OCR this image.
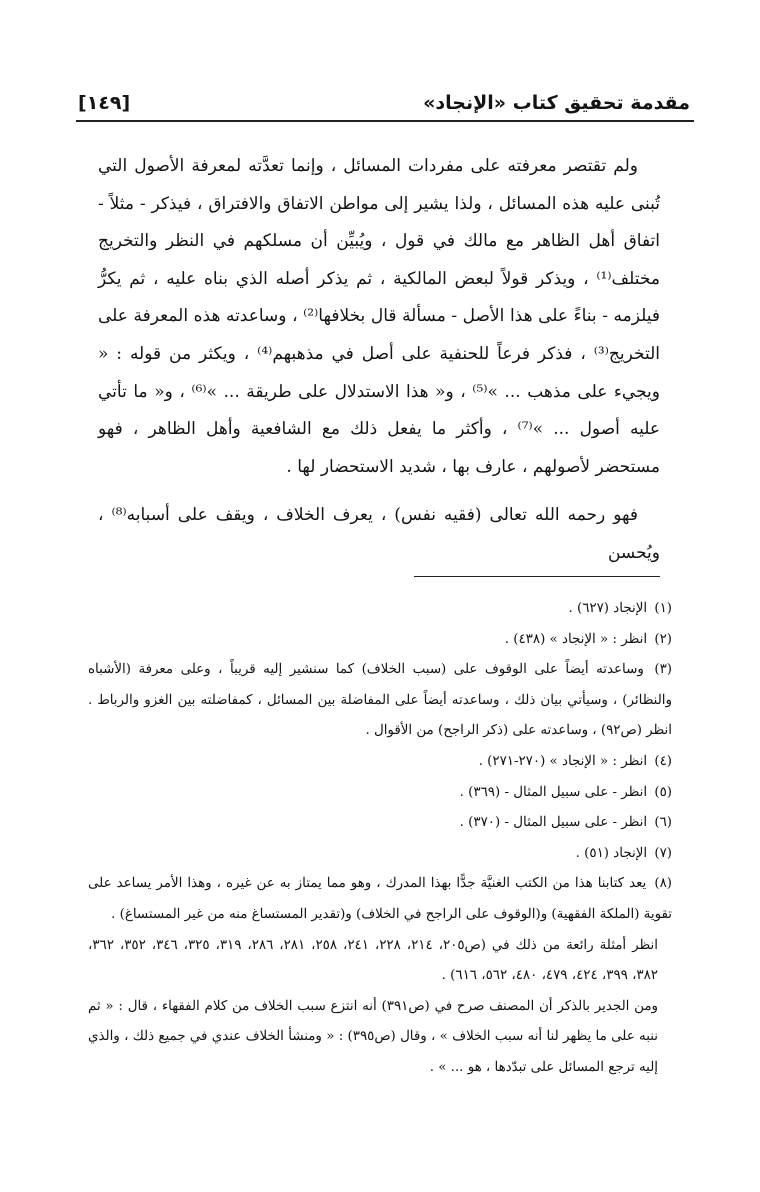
مقدمة تحقيق كتاب «الإنجاد»
[١٤٩]

ولم تقتصر معرفته على مفردات المسائل ، وإنما تعدَّته لمعرفة الأصول التي تُبنى عليه هذه المسائل ، ولذا يشير إلى مواطن الاتفاق والافتراق ، فيذكر - مثلاً - اتفاق أهل الظاهر مع مالك في قول ، ويُبيِّن أن مسلكهم في النظر والتخريج مختلف⁽¹⁾ ، ويذكر قولاً لبعض المالكية ، ثم يذكر أصله الذي بناه عليه ، ثم يكرُّ فيلزمه - بناءً على هذا الأصل - مسألة قال بخلافها⁽²⁾ ، وساعدته هذه المعرفة على التخريج⁽³⁾ ، فذكر فرعاً للحنفية على أصل في مذهبهم⁽⁴⁾ ، ويكثر من قوله : « ويجيء على مذهب ... »⁽⁵⁾ ، و« هذا الاستدلال على طريقة ... »⁽⁶⁾ ، و« ما تأتي عليه أصول ... »⁽⁷⁾ ، وأكثر ما يفعل ذلك مع الشافعية وأهل الظاهر ، فهو مستحضر لأصولهم ، عارف بها ، شديد الاستحضار لها .

فهو رحمه الله تعالى (فقيه نفس) ، يعرف الخلاف ، ويقف على أسبابه⁽⁸⁾ ، ويُحسن

(١) الإنجاد (٦٢٧) .

(٢) انظر : « الإنجاد » (٤٣٨) .

(٣) وساعدته أيضاً على الوقوف على (سبب الخلاف) كما سنشير إليه قريباً ، وعلى معرفة (الأشباه والنظائر) ، وسيأتي بيان ذلك ، وساعدته أيضاً على المفاضلة بين المسائل ، كمفاضلته بين الغزو والرباط . انظر (ص٩٢) ، وساعدته على (ذكر الراجح) من الأقوال .

(٤) انظر : « الإنجاد » (٢٧٠-٢٧١) .

(٥) انظر - على سبيل المثال - (٣٦٩) .

(٦) انظر - على سبيل المثال - (٣٧٠) .

(٧) الإنجاد (٥١) .

(٨) يعد كتابنا هذا من الكتب الغنيَّة جدًّا بهذا المدرك ، وهو مما يمتاز به عن غيره ، وهذا الأمر يساعد على تقوية (الملكة الفقهية) و(الوقوف على الراجح في الخلاف) و(تقدير المستساغ منه من غير المستساغ) .

انظر أمثلة رائعة من ذلك في (ص٢٠٥، ٢١٤، ٢٢٨، ٢٤١، ٢٥٨، ٢٨١، ٢٨٦، ٣١٩، ٣٢٥، ٣٤٦، ٣٥٢، ٣٦٢، ٣٨٢، ٣٩٩، ٤٢٤، ٤٧٩، ٤٨٠، ٥٦٢، ٦١٦) .

ومن الجدير بالذكر أن المصنف صرح في (ص٣٩١) أنه انتزع سبب الخلاف من كلام الفقهاء ، قال : « ثم ننبه على ما يظهر لنا أنه سبب الخلاف » ، وقال (ص٣٩٥) : « ومنشأ الخلاف عندي في جميع ذلك ، والذي إليه ترجع المسائل على تبدّدها ، هو ... » .
